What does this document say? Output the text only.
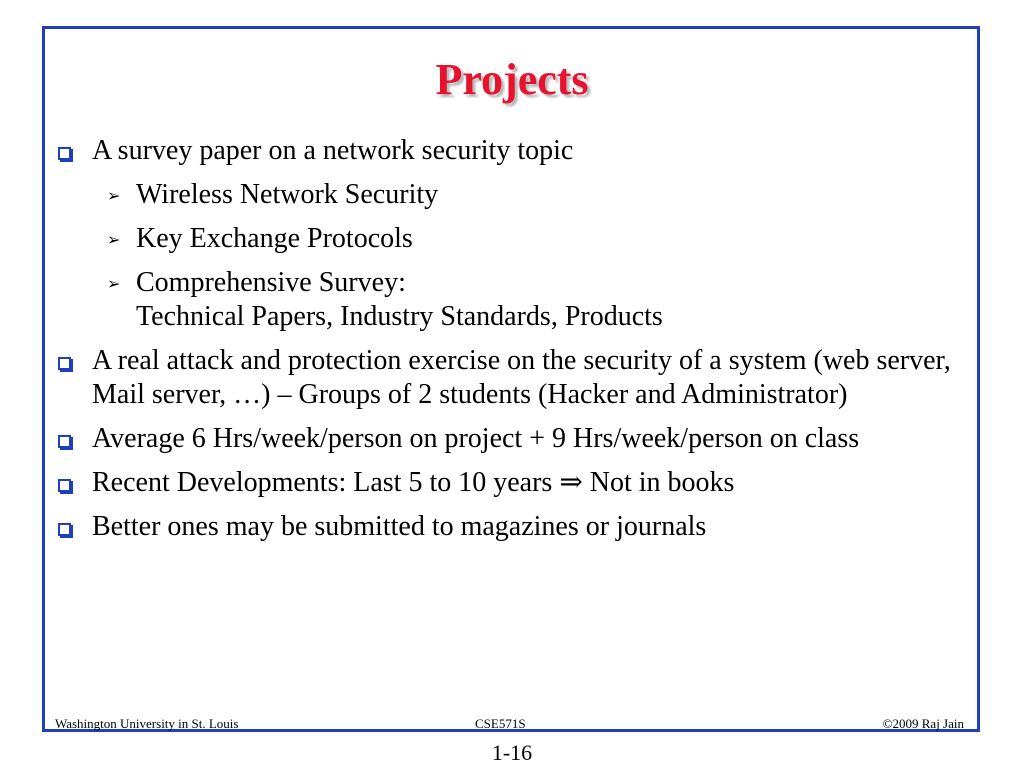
Projects
A survey paper on a network security topic
➢ Wireless Network Security
➢ Key Exchange Protocols
➢ Comprehensive Survey:
Technical Papers, Industry Standards, Products
A real attack and protection exercise on the security of a system (web server, Mail server, …) – Groups of 2 students (Hacker and Administrator)
Average 6 Hrs/week/person on project + 9 Hrs/week/person on class
Recent Developments: Last 5 to 10 years ⇒ Not in books
Better ones may be submitted to magazines or journals
Washington University in St. Louis	CSE571S	©2009 Raj Jain
1-16
